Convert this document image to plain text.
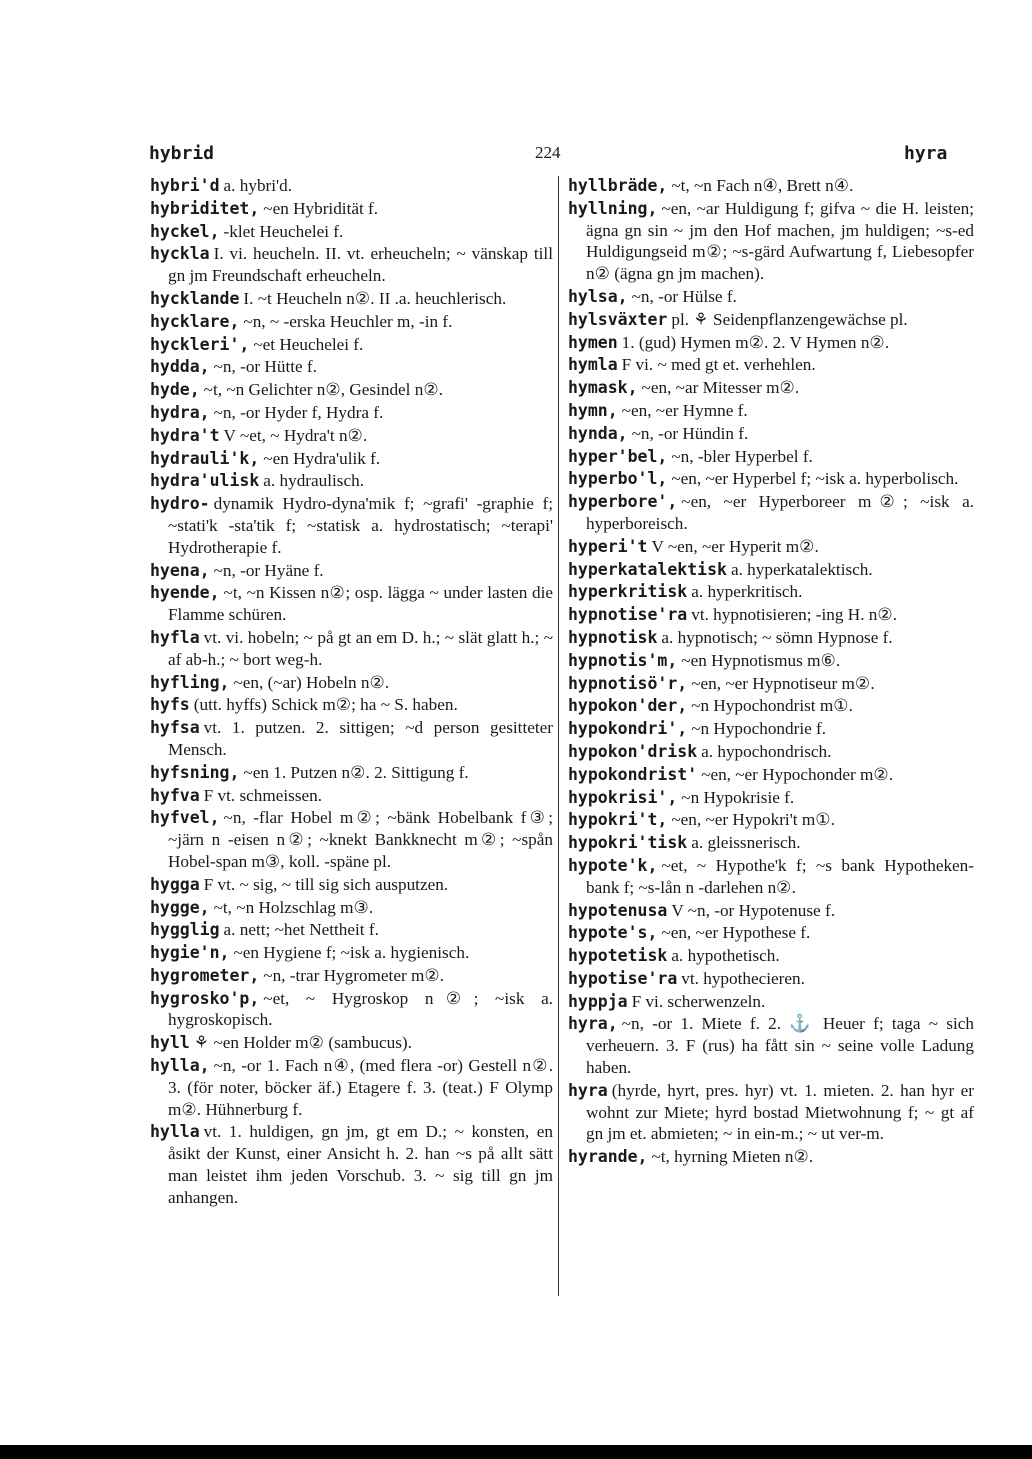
hybrid	224	hyra

hybri'd a. hybri'd.

hybriditet, ~en Hybridität f.

hyckel, -klet Heuchelei f.

hyckla I. vi. heucheln. II. vt. erheucheln; ~ vänskap till gn jm Freundschaft erheucheln.

hycklande I. ~t Heucheln n②. II .a. heuchlerisch.

hycklare, ~n, ~ -erska Heuchler m, -in f.

hyckleri', ~et Heuchelei f.

hydda, ~n, -or Hütte f.

hyde, ~t, ~n Gelichter n②, Gesindel n②.

hydra, ~n, -or Hyder f, Hydra f.

hydra't V ~et, ~ Hydra't n②.

hydrauli'k, ~en Hydra'ulik f.

hydra'ulisk a. hydraulisch.

hydro- dynamik Hydro-dyna'mik f; ~grafi' -graphie f; ~stati'k -sta'tik f; ~statisk a. hydrostatisch; ~terapi' Hydrotherapie f.

hyena, ~n, -or Hyäne f.

hyende, ~t, ~n Kissen n②; osp. lägga ~ under lasten die Flamme schüren.

hyfla vt. vi. hobeln; ~ på gt an em D. h.; ~ slät glatt h.; ~ af ab-h.; ~ bort weg-h.

hyfling, ~en, (~ar) Hobeln n②.

hyfs (utt. hyffs) Schick m②; ha ~ S. haben.

hyfsa vt. 1. putzen. 2. sittigen; ~d person gesitteter Mensch.

hyfsning, ~en 1. Putzen n②. 2. Sittigung f.

hyfva F vt. schmeissen.

hyfvel, ~n, -flar Hobel m②; ~bänk Hobelbank f③; ~järn n -eisen n②; ~knekt Bankknecht m②; ~spån Hobel-span m③, koll. -späne pl.

hygga F vt. ~ sig, ~ till sig sich ausputzen.

hygge, ~t, ~n Holzschlag m③.

hygglig a. nett; ~het Nettheit f.

hygie'n, ~en Hygiene f; ~isk a. hygienisch.

hygrometer, ~n, -trar Hygrometer m②.

hygrosko'p, ~et, ~ Hygroskop n②; ~isk a. hygroskopisch.

hyll ⚘ ~en Holder m② (sambucus).

hylla, ~n, -or 1. Fach n④, (med flera -or) Gestell n②. 3. (för noter, böcker äf.) Etagere f. 3. (teat.) F Olymp m②. Hühnerburg f.

hylla vt. 1. huldigen, gn jm, gt em D.; ~ konsten, en åsikt der Kunst, einer Ansicht h. 2. han ~s på allt sätt man leistet ihm jeden Vorschub. 3. ~ sig till gn jm anhangen.

hyllbräde, ~t, ~n Fach n④, Brett n④.

hyllning, ~en, ~ar Huldigung f; gifva ~ die H. leisten; ägna gn sin ~ jm den Hof machen, jm huldigen; ~s-ed Huldigungseid m②; ~s-gärd Aufwartung f, Liebesopfer n② (ägna gn jm machen).

hylsa, ~n, -or Hülse f.

hylsväxter pl. ⚘ Seidenpflanzengewächse pl.

hymen 1. (gud) Hymen m②. 2. V Hymen n②.

hymla F vi. ~ med gt et. verhehlen.

hymask, ~en, ~ar Mitesser m②.

hymn, ~en, ~er Hymne f.

hynda, ~n, -or Hündin f.

hyper'bel, ~n, -bler Hyperbel f.

hyperbo'l, ~en, ~er Hyperbel f; ~isk a. hyperbolisch.

hyperbore', ~en, ~er Hyperboreer m②; ~isk a. hyperboreisch.

hyperi't V ~en, ~er Hyperit m②.

hyperkatalektisk a. hyperkatalektisch.

hyperkritisk a. hyperkritisch.

hypnotise'ra vt. hypnotisieren; -ing H. n②.

hypnotisk a. hypnotisch; ~ sömn Hypnose f.

hypnotis'm, ~en Hypnotismus m⑥.

hypnotisö'r, ~en, ~er Hypnotiseur m②.

hypokon'der, ~n Hypochondrist m①.

hypokondri', ~n Hypochondrie f.

hypokon'drisk a. hypochondrisch.

hypokondrist' ~en, ~er Hypochonder m②.

hypokrisi', ~n Hypokrisie f.

hypokri't, ~en, ~er Hypokri't m①.

hypokri'tisk a. gleissnerisch.

hypote'k, ~et, ~ Hypothe'k f; ~s bank Hypotheken-bank f; ~s-lån n -darlehen n②.

hypotenusa V ~n, -or Hypotenuse f.

hypote's, ~en, ~er Hypothese f.

hypotetisk a. hypothetisch.

hypotise'ra vt. hypothecieren.

hyppja F vi. scherwenzeln.

hyra, ~n, -or 1. Miete f. 2. ⚓ Heuer f; taga ~ sich verheuern. 3. F (rus) ha fått sin ~ seine volle Ladung haben.

hyra (hyrde, hyrt, pres. hyr) vt. 1. mieten. 2. han hyr er wohnt zur Miete; hyrd bostad Mietwohnung f; ~ gt af gn jm et. abmieten; ~ in ein-m.; ~ ut ver-m.

hyrande, ~t, hyrning Mieten n②.
